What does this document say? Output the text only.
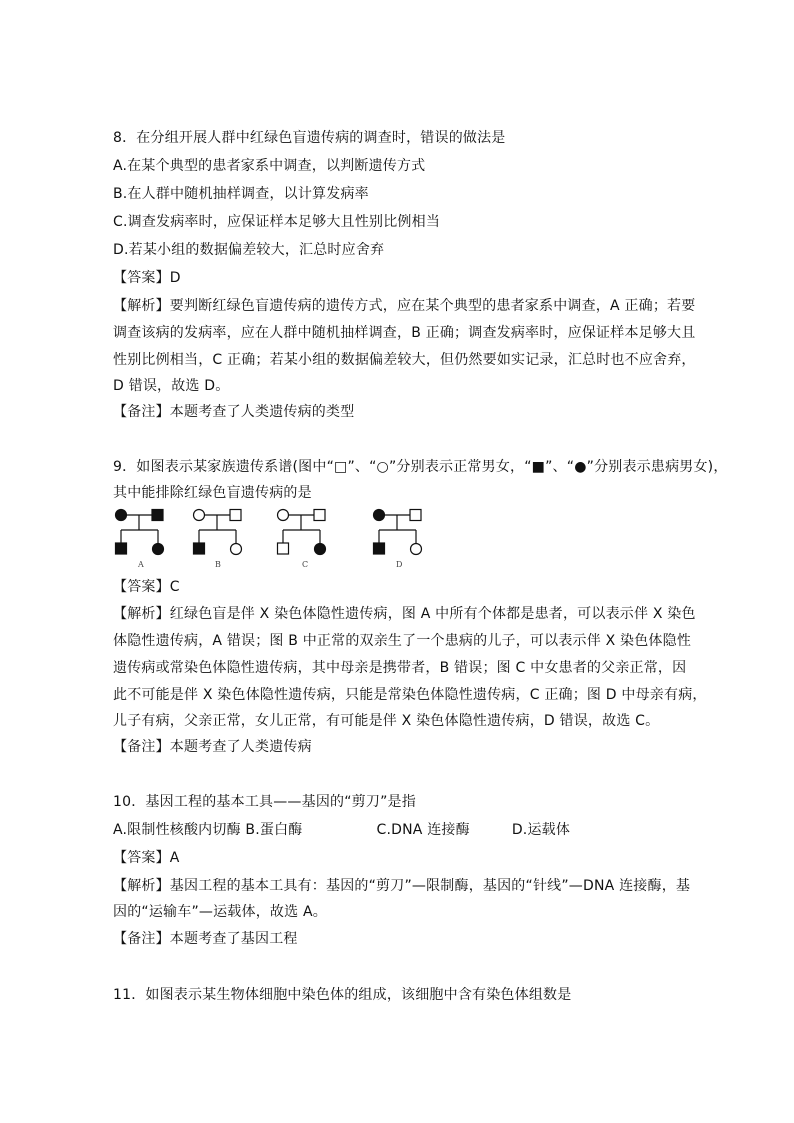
8．在分组开展人群中红绿色盲遗传病的调查时，错误的做法是
A.在某个典型的患者家系中调查，以判断遗传方式
B.在人群中随机抽样调查，以计算发病率
C.调查发病率时，应保证样本足够大且性别比例相当
D.若某小组的数据偏差较大，汇总时应舍弃
【答案】D
【解析】要判断红绿色盲遗传病的遗传方式，应在某个典型的患者家系中调查，A 正确；若要
调查该病的发病率，应在人群中随机抽样调查，B 正确；调查发病率时，应保证样本足够大且
性别比例相当，C 正确；若某小组的数据偏差较大，但仍然要如实记录，汇总时也不应舍弃，
D 错误，故选 D。
【备注】本题考查了人类遗传病的类型
9．如图表示某家族遗传系谱(图中“□”、“○”分别表示正常男女，“■”、“●”分别表示患病男女)，
其中能排除红绿色盲遗传病的是
【答案】C
【解析】红绿色盲是伴 X 染色体隐性遗传病，图 A 中所有个体都是患者，可以表示伴 X 染色
体隐性遗传病，A 错误；图 B 中正常的双亲生了一个患病的儿子，可以表示伴 X 染色体隐性
遗传病或常染色体隐性遗传病，其中母亲是携带者，B 错误；图 C 中女患者的父亲正常，因
此不可能是伴 X 染色体隐性遗传病，只能是常染色体隐性遗传病，C 正确；图 D 中母亲有病，
儿子有病，父亲正常，女儿正常，有可能是伴 X 染色体隐性遗传病，D 错误，故选 C。
【备注】本题考查了人类遗传病
10．基因工程的基本工具——基因的“剪刀”是指
A.限制性核酸内切酶 B.蛋白酶	C.DNA 连接酶	D.运载体
【答案】A
【解析】基因工程的基本工具有：基因的“剪刀”—限制酶，基因的“针线”—DNA 连接酶，基
因的“运输车”—运载体，故选 A。
【备注】本题考查了基因工程
11．如图表示某生物体细胞中染色体的组成，该细胞中含有染色体组数是
A	B	C	D
